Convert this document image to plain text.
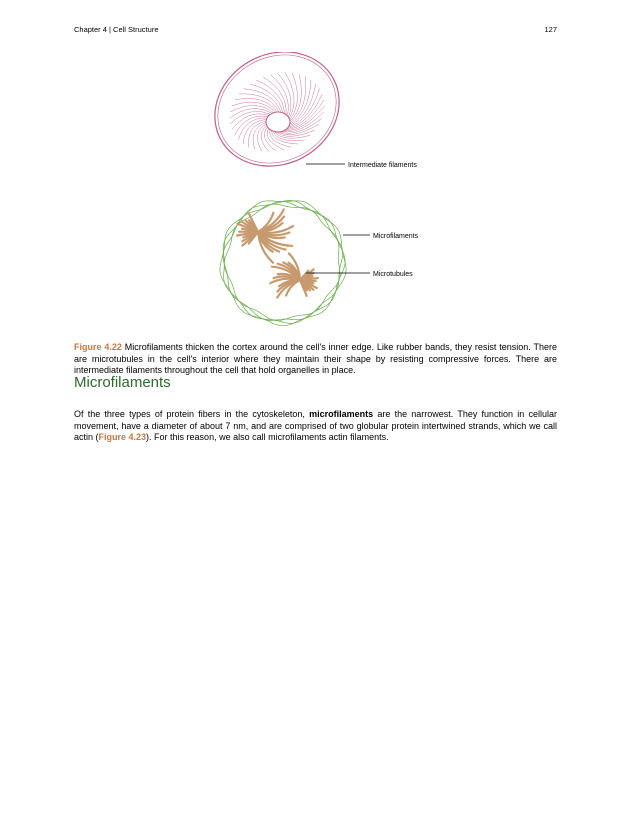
Chapter 4 | Cell Structure	127
Intermediate filaments
Microfilaments
Microtubules

Figure 4.22 Microfilaments thicken the cortex around the cell's inner edge. Like rubber bands, they resist tension. There are microtubules in the cell's interior where they maintain their shape by resisting compressive forces. There are intermediate filaments throughout the cell that hold organelles in place.

Microfilaments

Of the three types of protein fibers in the cytoskeleton, microfilaments are the narrowest. They function in cellular movement, have a diameter of about 7 nm, and are comprised of two globular protein intertwined strands, which we call actin (Figure 4.23). For this reason, we also call microfilaments actin filaments.
